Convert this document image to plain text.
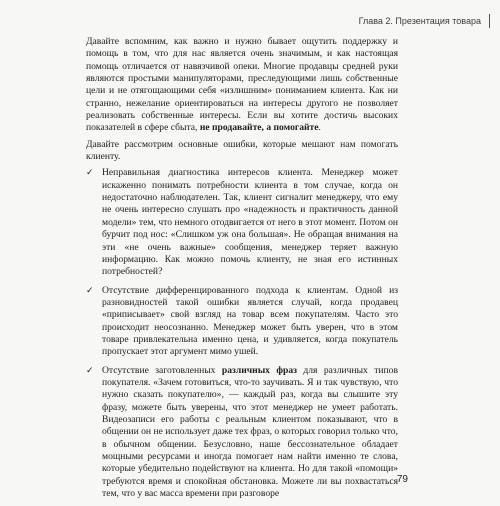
Глава 2. Презентация товара

Давайте вспомним, как важно и нужно бывает ощутить поддержку и помощь в том, что для нас является очень значимым, и как настоящая помощь отличается от навязчивой опеки. Многие продавцы средней руки являются простыми манипуляторами, преследующими лишь собственные цели и не отягощающими себя «излишним» пониманием клиента. Как ни странно, нежелание ориентироваться на интересы другого не позволяет реализовать собственные интересы. Если вы хотите достичь высоких показателей в сфере сбыта, не продавайте, а помогайте.

Давайте рассмотрим основные ошибки, которые мешают нам помогать клиенту.

✓ Неправильная диагностика интересов клиента. Менеджер может искаженно понимать потребности клиента в том случае, когда он недостаточно наблюдателен. Так, клиент сигналит менеджеру, что ему не очень интересно слушать про «надежность и практичность данной модели» тем, что немного отодвигается от него в этот момент. Потом он бурчит под нос: «Слишком уж она большая». Не обращая внимания на эти «не очень важные» сообщения, менеджер теряет важную информацию. Как можно помочь клиенту, не зная его истинных потребностей?
✓ Отсутствие дифференцированного подхода к клиентам. Одной из разновидностей такой ошибки является случай, когда продавец «приписывает» свой взгляд на товар всем покупателям. Часто это происходит неосознанно. Менеджер может быть уверен, что в этом товаре привлекательна именно цена, и удивляется, когда покупатель пропускает этот аргумент мимо ушей.
✓ Отсутствие заготовленных различных фраз для различных типов покупателя. «Зачем готовиться, что-то заучивать. Я и так чувствую, что нужно сказать покупателю», — каждый раз, когда вы слышите эту фразу, можете быть уверены, что этот менеджер не умеет работать. Видеозаписи его работы с реальным клиентом показывают, что в общении он не использует даже тех фраз, о которых говорил только что, в обычном общении. Безусловно, наше бессознательное обладает мощными ресурсами и иногда помогает нам найти именно те слова, которые убедительно подействуют на клиента. Но для такой «помощи» требуются время и спокойная обстановка. Можете ли вы похвастаться тем, что у вас масса времени при разговоре
79
